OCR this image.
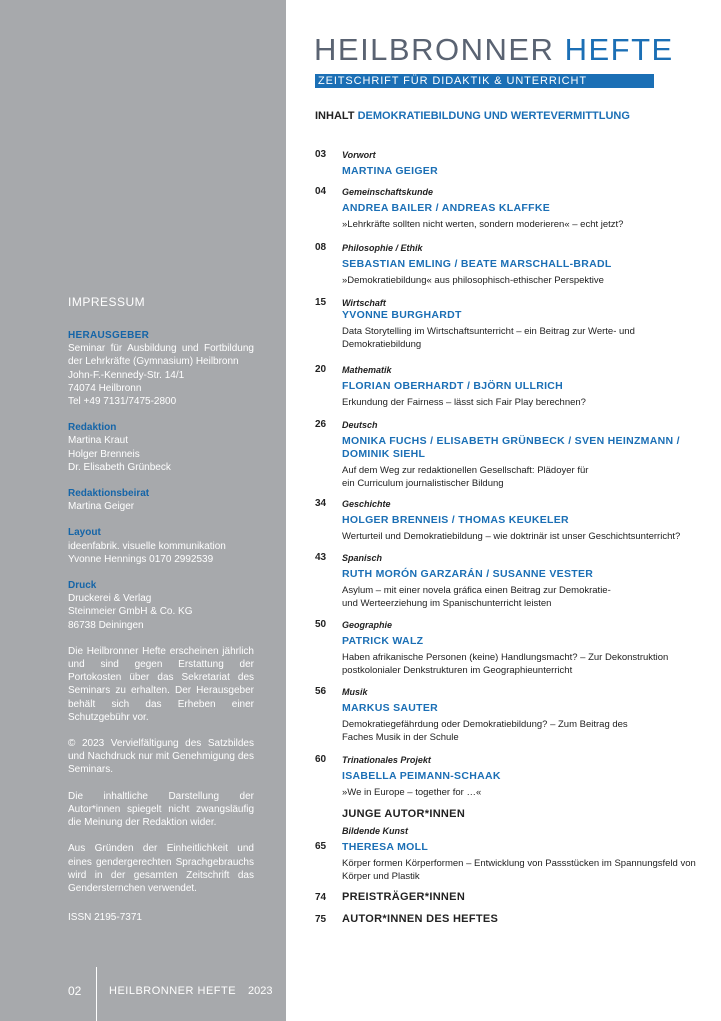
IMPRESSUM
HERAUSGEBER
Seminar für Ausbildung und Fortbildung der Lehrkräfte (Gymnasium) Heilbronn
John-F.-Kennedy-Str. 14/1
74074 Heilbronn
Tel +49 7131/7475-2800
Redaktion
Martina Kraut
Holger Brenneis
Dr. Elisabeth Grünbeck
Redaktionsbeirat
Martina Geiger
Layout
ideenfabrik. visuelle kommunikation
Yvonne Hennings 0170 2992539
Druck
Druckerei & Verlag
Steinmeier GmbH & Co. KG
86738 Deiningen
Die Heilbronner Hefte erscheinen jährlich und sind gegen Erstattung der Portokosten über das Sekretariat des Seminars zu erhalten. Der Herausgeber behält sich das Erheben einer Schutzgebühr vor.
© 2023 Vervielfältigung des Satzbildes und Nachdruck nur mit Genehmigung des Seminars.
Die inhaltliche Darstellung der Autor*innen spiegelt nicht zwangsläufig die Meinung der Redaktion wider.
Aus Gründen der Einheitlichkeit und eines gendergerechten Sprachgebrauchs wird in der gesamten Zeitschrift das Gendersternchen verwendet.
ISSN 2195-7371
02	HEILBRONNER HEFTE 2023
HEILBRONNER HEFTE
ZEITSCHRIFT FÜR DIDAKTIK & UNTERRICHT
INHALT DEMOKRATIEBILDUNG UND WERTEVERMITTLUNG
03 Vorwort
MARTINA GEIGER
04 Gemeinschaftskunde
ANDREA BAILER / ANDREAS KLAFFKE
»Lehrkräfte sollten nicht werten, sondern moderieren« – echt jetzt?
08 Philosophie / Ethik
SEBASTIAN EMLING / BEATE MARSCHALL-BRADL
»Demokratiebildung« aus philosophisch-ethischer Perspektive
15 Wirtschaft
YVONNE BURGHARDT
Data Storytelling im Wirtschaftsunterricht – ein Beitrag zur Werte- und Demokratiebildung
20 Mathematik
FLORIAN OBERHARDT / BJÖRN ULLRICH
Erkundung der Fairness – lässt sich Fair Play berechnen?
26 Deutsch
MONIKA FUCHS / ELISABETH GRÜNBECK / SVEN HEINZMANN / DOMINIK SIEHL
Auf dem Weg zur redaktionellen Gesellschaft: Plädoyer für ein Curriculum journalistischer Bildung
34 Geschichte
HOLGER BRENNEIS / THOMAS KEUKELER
Werturteil und Demokratiebildung – wie doktrinär ist unser Geschichtsunterricht?
43 Spanisch
RUTH MORÓN GARZARÁN / SUSANNE VESTER
Asylum – mit einer novela gráfica einen Beitrag zur Demokratie- und Werteerziehung im Spanischunterricht leisten
50 Geographie
PATRICK WALZ
Haben afrikanische Personen (keine) Handlungsmacht? – Zur Dekonstruktion postkolonialer Denkstrukturen im Geographieunterricht
56 Musik
MARKUS SAUTER
Demokratiegefährdung oder Demokratiebildung? – Zum Beitrag des Faches Musik in der Schule
60 Trinationales Projekt
ISABELLA PEIMANN-SCHAAK
»We in Europe – together for …«
JUNGE AUTOR*INNEN
65
Bildende Kunst
THERESA MOLL
Körper formen Körperformen – Entwicklung von Passstücken im Spannungsfeld von Körper und Plastik
74 PREISTRÄGER*INNEN
75 AUTOR*INNEN DES HEFTES
